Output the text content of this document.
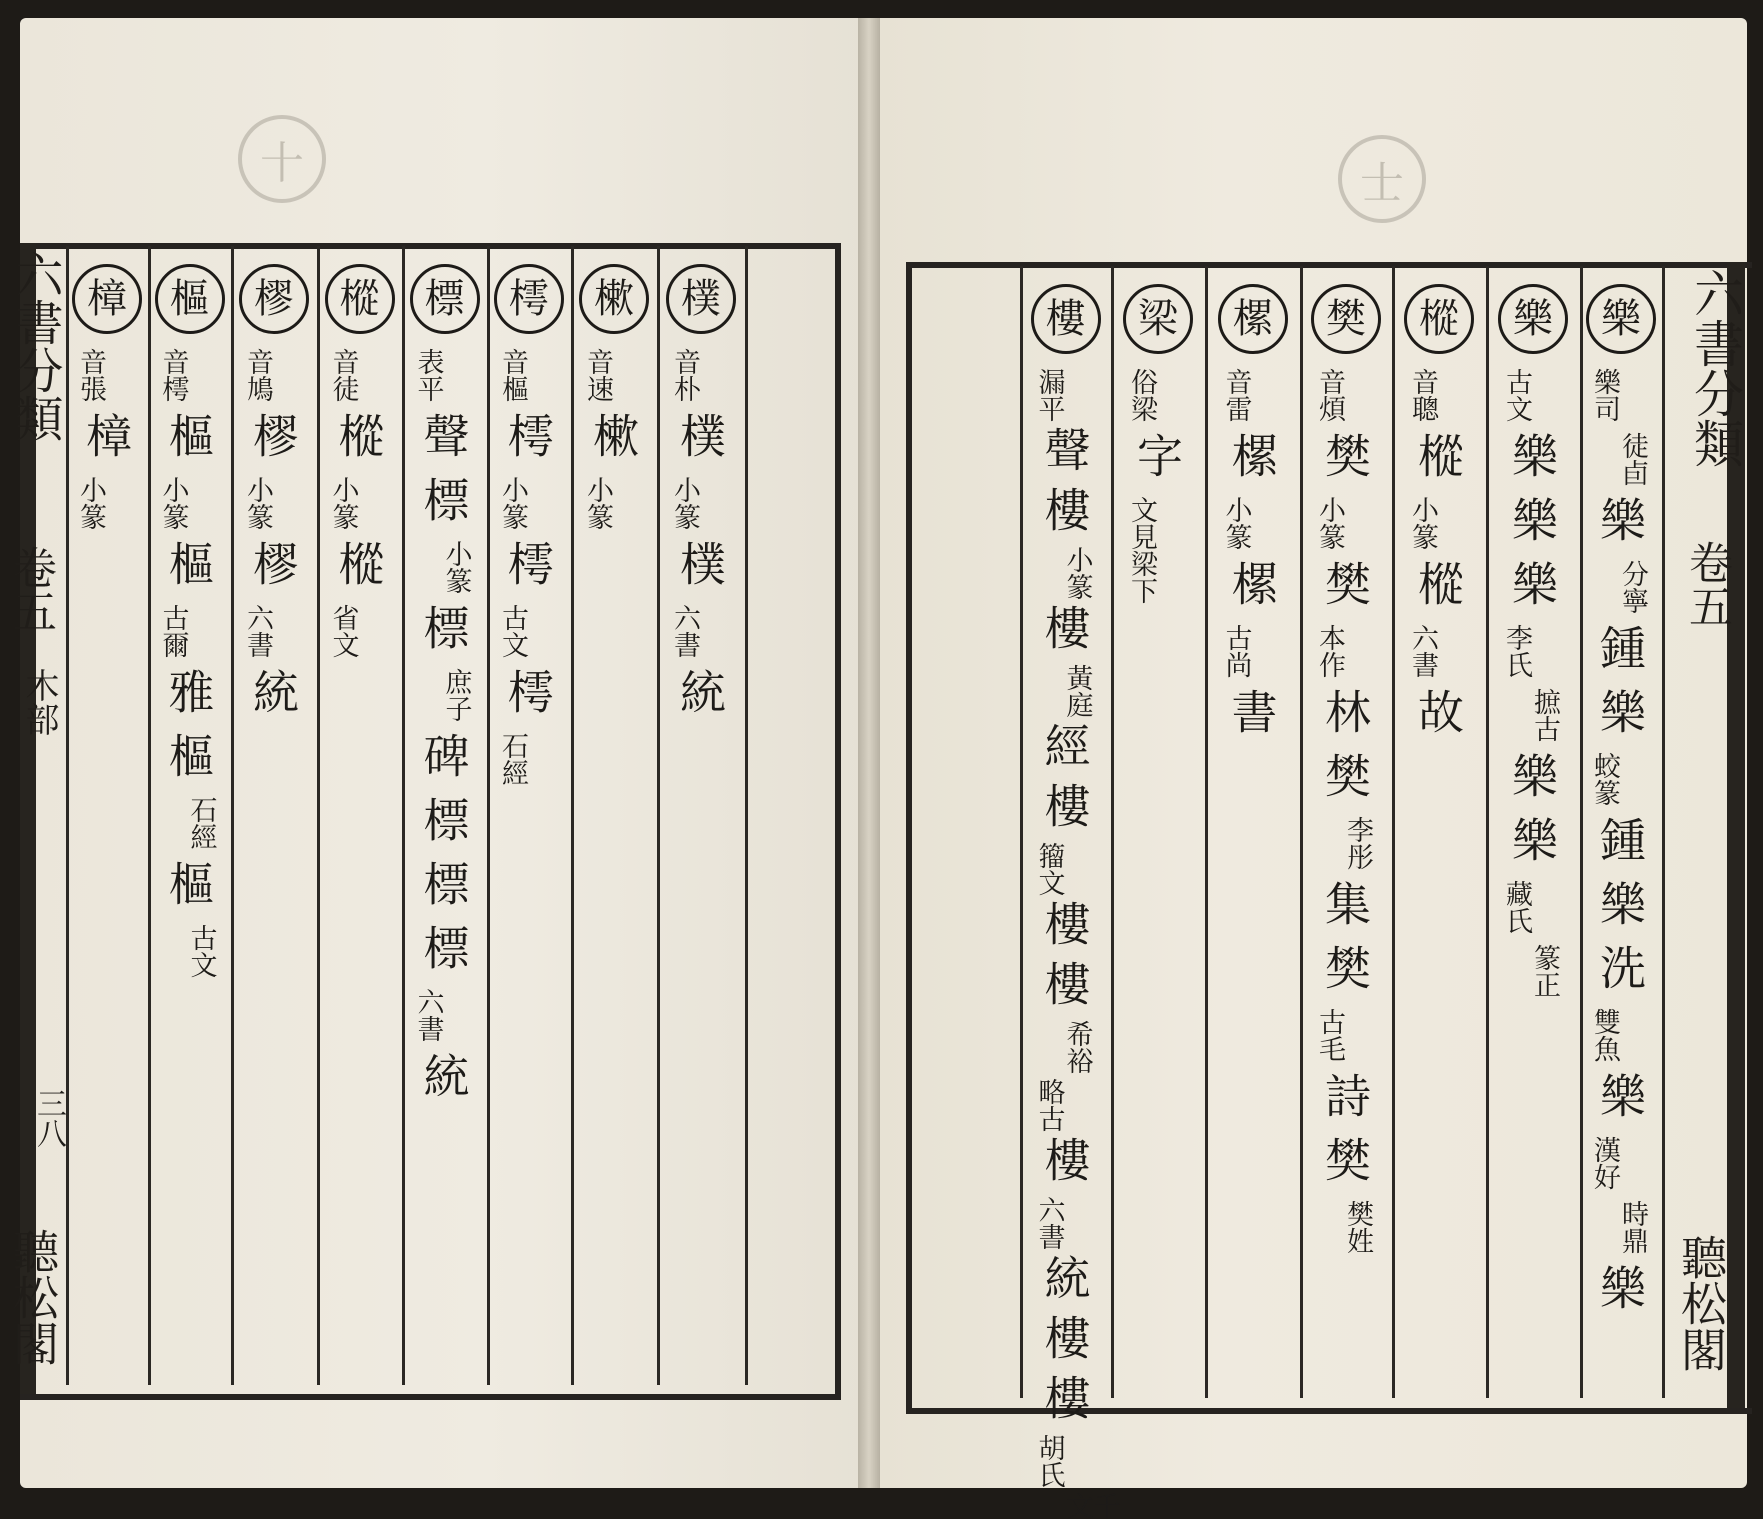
十	士
六書分類
卷五
木部
三八
聽松閣
六書分類
卷五
聽松閣
樸
音朴
樸
小篆
樸
六書
統
樕
音速
樕
小篆
樗
音樞
樗
小篆
樗
古文
樗
石經
標
表平
聲
標
小篆
標
庶子
碑
標
標
標
六書
統
樅
音徒
樅
小篆
樅
省文
樛
音鳩
樛
小篆
樛
六書
統
樞
音樗
樞
小篆
樞
古爾
雅
樞
石經
樞
古文
樟
音張
樟
小篆
樂
樂司
徒卣
樂
分寧
鍾
樂
蛟篆
鍾
樂
洗
雙魚
樂
漢好
時鼎
樂
樂
古文
樂
樂
樂
李氏
摭古
樂
樂
藏氏
篆正
樅
音聰
樅
小篆
樅
六書
故
樊
音煩
樊
小篆
樊
本作
林
樊
李彤
集
樊
古毛
詩
樊
樊姓
樏
音雷
樏
小篆
樏
古尚
書
梁
俗梁
字
文見梁下
樓
漏平
聲
樓
小篆
樓
黃庭
經
樓
籀文
樓
樓
希裕
略古
樓
六書
統
樓
樓
胡氏
千文
